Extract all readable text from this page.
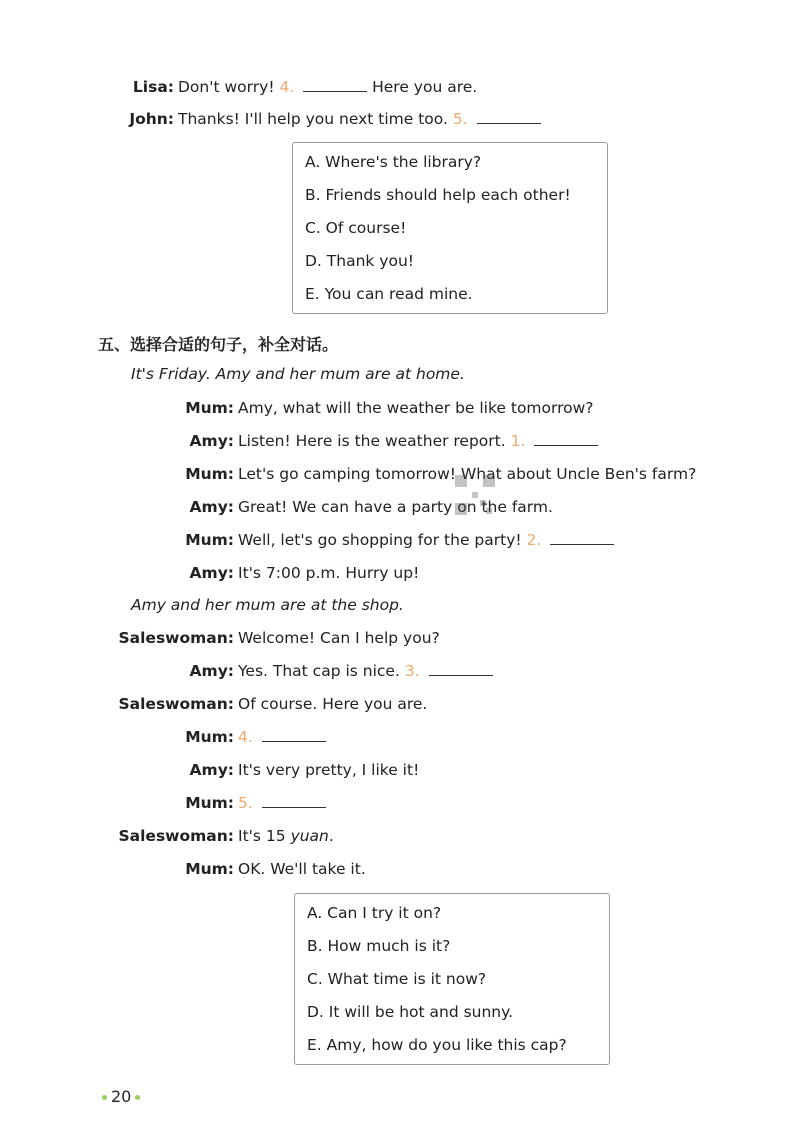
Lisa: Don't worry! 4.	Here you are.
John: Thanks! I'll help you next time too. 5.
A. Where's the library?
B. Friends should help each other!
C. Of course!
D. Thank you!
E. You can read mine.
五、选择合适的句子，补全对话。
It's Friday. Amy and her mum are at home.
Mum: Amy, what will the weather be like tomorrow?
Amy: Listen! Here is the weather report. 1.
Mum: Let's go camping tomorrow! What about Uncle Ben's farm?
Amy: Great! We can have a party on the farm.
Mum: Well, let's go shopping for the party! 2.
Amy: It's 7:00 p.m. Hurry up!
Amy and her mum are at the shop.
Saleswoman: Welcome! Can I help you?
Amy: Yes. That cap is nice. 3.
Saleswoman: Of course. Here you are.
Mum: 4.
Amy: It's very pretty, I like it!
Mum: 5.
Saleswoman: It's 15 yuan.
Mum: OK. We'll take it.
A. Can I try it on?
B. How much is it?
C. What time is it now?
D. It will be hot and sunny.
E. Amy, how do you like this cap?
20
